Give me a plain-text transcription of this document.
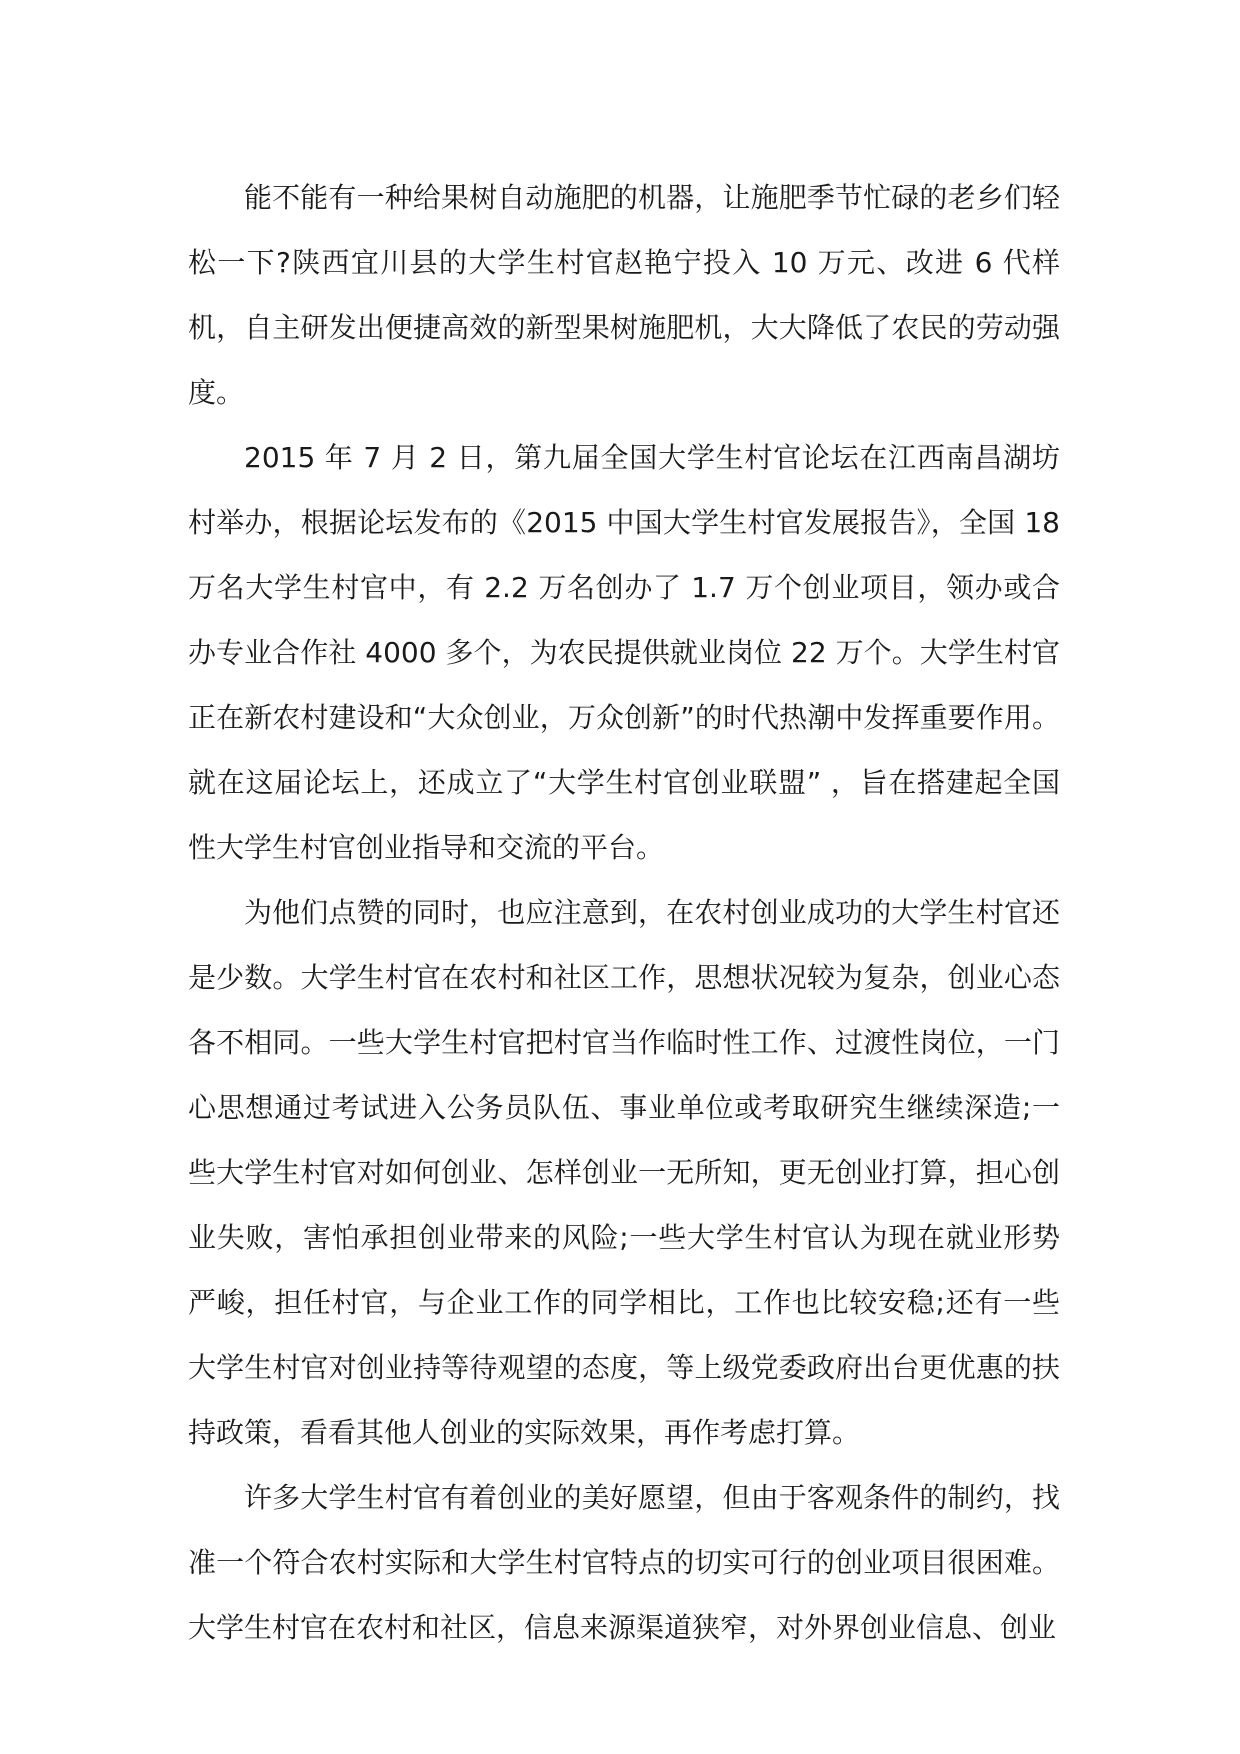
能不能有一种给果树自动施肥的机器，让施肥季节忙碌的老乡们轻松一下?陕西宜川县的大学生村官赵艳宁投入 10 万元、改进 6 代样机，自主研发出便捷高效的新型果树施肥机，大大降低了农民的劳动强度。

2015 年 7 月 2 日，第九届全国大学生村官论坛在江西南昌湖坊村举办，根据论坛发布的《2015 中国大学生村官发展报告》，全国 18 万名大学生村官中，有 2.2 万名创办了 1.7 万个创业项目，领办或合办专业合作社 4000 多个，为农民提供就业岗位 22 万个。大学生村官正在新农村建设和“大众创业，万众创新”的时代热潮中发挥重要作用。就在这届论坛上，还成立了“大学生村官创业联盟” ，旨在搭建起全国性大学生村官创业指导和交流的平台。

为他们点赞的同时，也应注意到，在农村创业成功的大学生村官还是少数。大学生村官在农村和社区工作，思想状况较为复杂，创业心态各不相同。一些大学生村官把村官当作临时性工作、过渡性岗位，一门心思想通过考试进入公务员队伍、事业单位或考取研究生继续深造;一些大学生村官对如何创业、怎样创业一无所知，更无创业打算，担心创业失败，害怕承担创业带来的风险;一些大学生村官认为现在就业形势严峻，担任村官，与企业工作的同学相比，工作也比较安稳;还有一些大学生村官对创业持等待观望的态度，等上级党委政府出台更优惠的扶持政策，看看其他人创业的实际效果，再作考虑打算。

许多大学生村官有着创业的美好愿望，但由于客观条件的制约，找准一个符合农村实际和大学生村官特点的切实可行的创业项目很困难。大学生村官在农村和社区，信息来源渠道狭窄，对外界创业信息、创业
